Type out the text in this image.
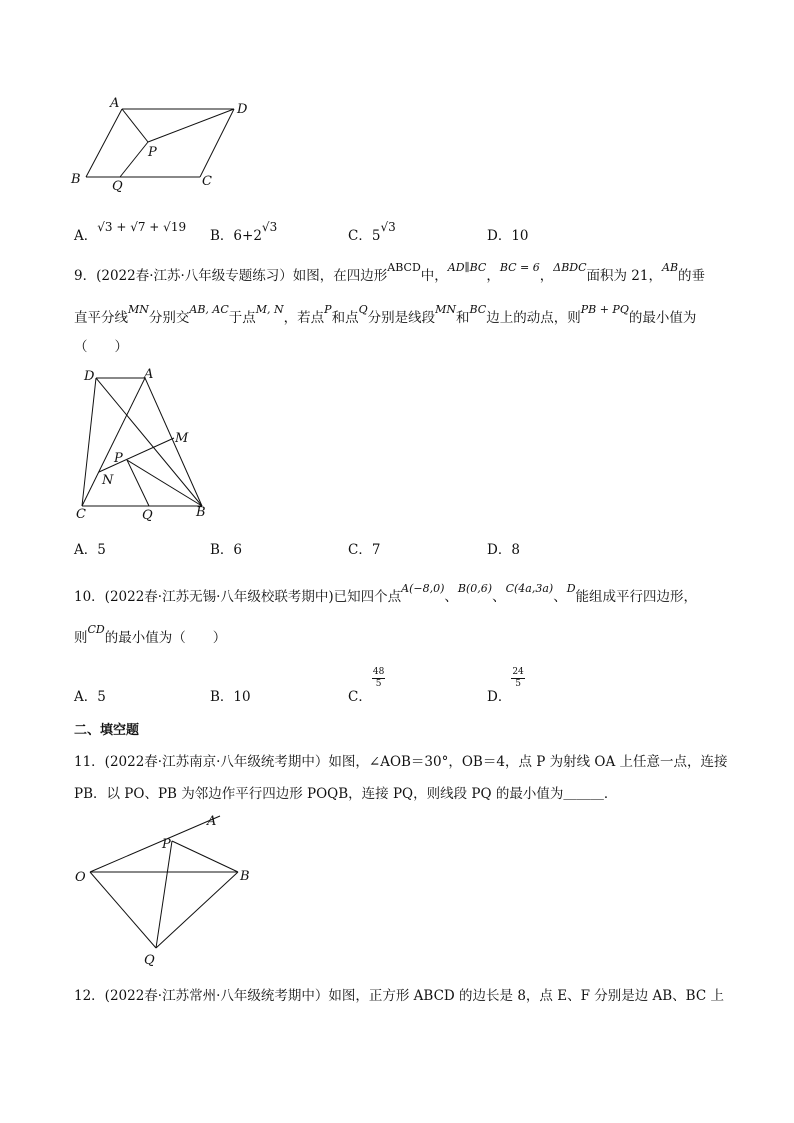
A	D
P
B Q	C
A．√3 + √7 + √19
B．6+2√3
C．5√3
D．10
9．(2022春·江苏·八年级专题练习）如图，在四边形$^{ABCD}$中，$^{AD\parallel BC}$，$^{BC = 6}$，$^{\Delta BDC}$面积为 21，$^{AB}$的垂
直平分线$^{MN}$分别交$^{AB, AC}$于点$^{M, N}$，若点$^P$和点$^Q$分别是线段$^{MN}$和$^{BC}$边上的动点，则$^{PB + PQ}$的最小值为
（　　）
D	A
M
P
N
C	Q	B
A．5	B．6	C．7	D．8
10．(2022春·江苏无锡·八年级校联考期中)已知四个点$^{A(-8,0)}$、$^{B(0,6)}$、$^{C(4a,3a)}$、$^D$能组成平行四边形，
则$^{CD}$的最小值为（　　）
A．5	B．10	C．
$\frac{48}{5}$
D．
$\frac{24}{5}$
二、填空题
11．(2022春·江苏南京·八年级统考期中）如图，∠AOB＝30°，OB＝4，点 P 为射线 OA 上任意一点，连接
PB．以 PO、PB 为邻边作平行四边形 POQB，连接 PQ，则线段 PQ 的最小值为＿＿＿．
A
P
O	B
Q
12．(2022春·江苏常州·八年级统考期中）如图，正方形 ABCD 的边长是 8，点 E、F 分别是边 AB、BC 上
